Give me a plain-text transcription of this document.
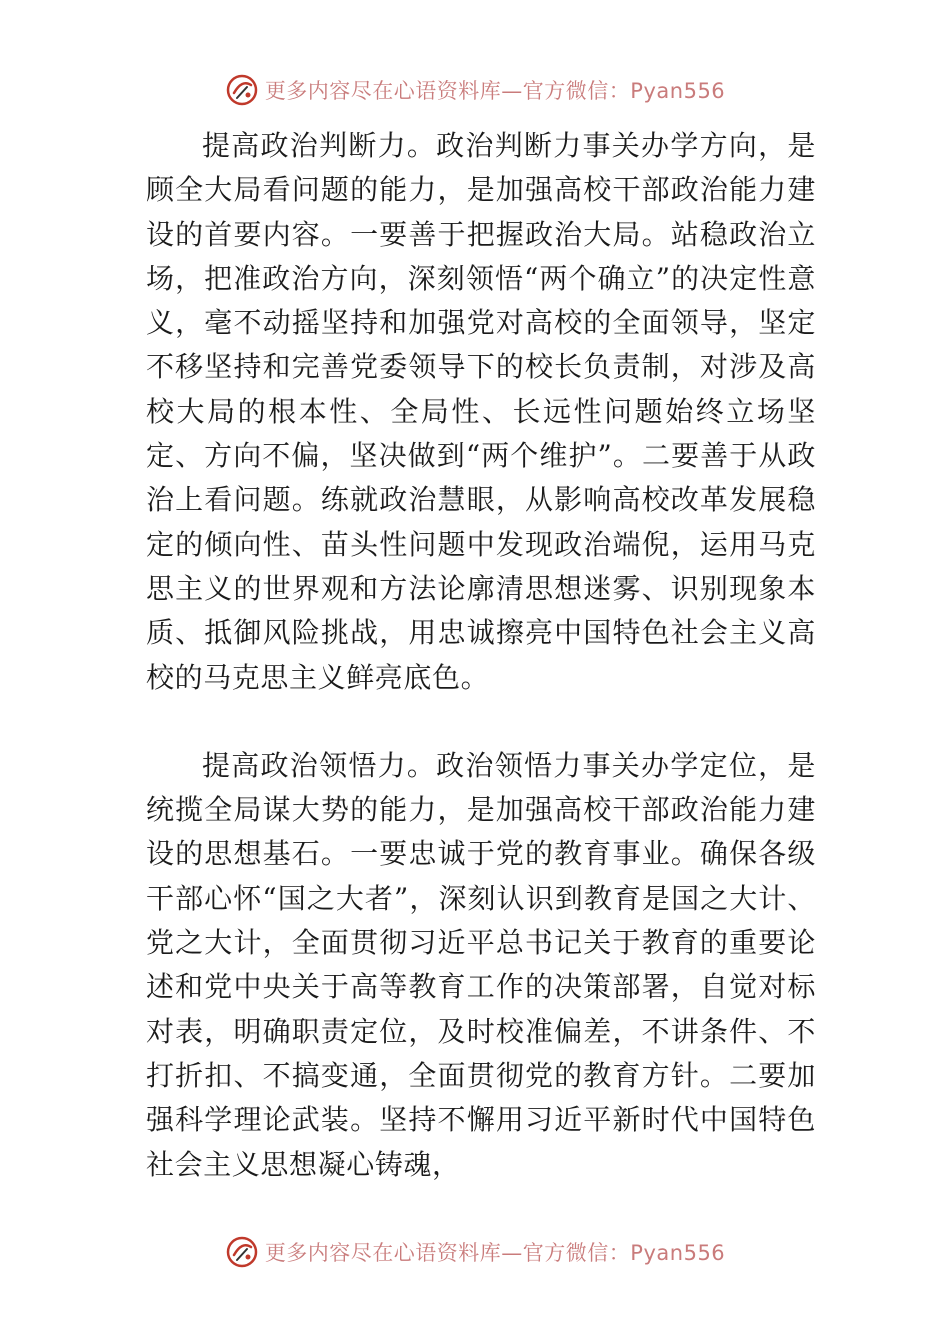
更多内容尽在心语资料库—官方微信：Pyan556

提高政治判断力。政治判断力事关办学方向，是顾全大局看问题的能力，是加强高校干部政治能力建设的首要内容。一要善于把握政治大局。站稳政治立场，把准政治方向，深刻领悟“两个确立”的决定性意义，毫不动摇坚持和加强党对高校的全面领导，坚定不移坚持和完善党委领导下的校长负责制，对涉及高校大局的根本性、全局性、长远性问题始终立场坚定、方向不偏，坚决做到“两个维护”。二要善于从政治上看问题。练就政治慧眼，从影响高校改革发展稳定的倾向性、苗头性问题中发现政治端倪，运用马克思主义的世界观和方法论廓清思想迷雾、识别现象本质、抵御风险挑战，用忠诚擦亮中国特色社会主义高校的马克思主义鲜亮底色。

提高政治领悟力。政治领悟力事关办学定位，是统揽全局谋大势的能力，是加强高校干部政治能力建设的思想基石。一要忠诚于党的教育事业。确保各级干部心怀“国之大者”，深刻认识到教育是国之大计、党之大计，全面贯彻习近平总书记关于教育的重要论述和党中央关于高等教育工作的决策部署，自觉对标对表，明确职责定位，及时校准偏差，不讲条件、不打折扣、不搞变通，全面贯彻党的教育方针。二要加强科学理论武装。坚持不懈用习近平新时代中国特色社会主义思想凝心铸魂，

更多内容尽在心语资料库—官方微信：Pyan556
